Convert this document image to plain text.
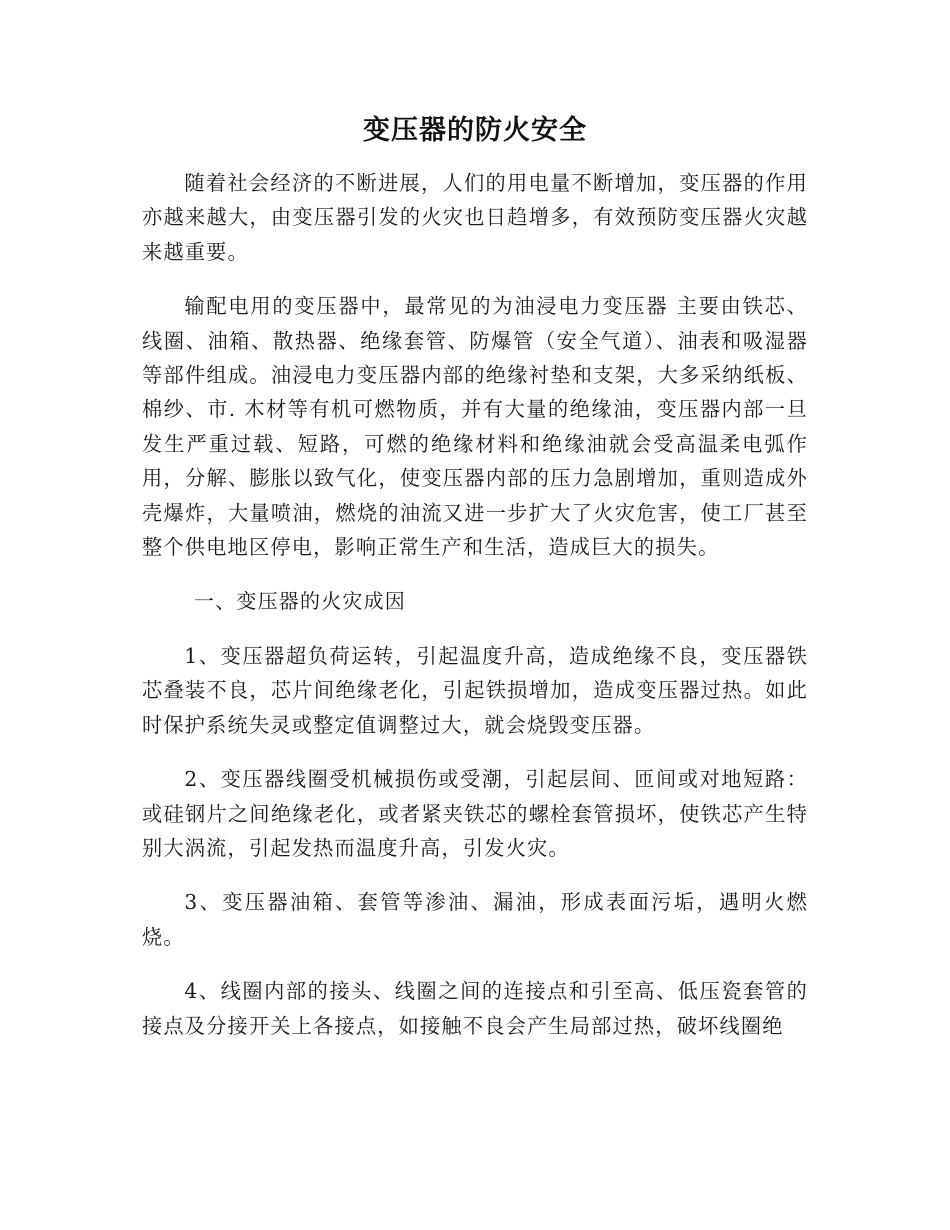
变压器的防火安全

随着社会经济的不断进展，人们的用电量不断增加，变压器的作用亦越来越大，由变压器引发的火灾也日趋增多，有效预防变压器火灾越来越重要。

输配电用的变压器中，最常见的为油浸电力变压器 主要由铁芯、线圈、油箱、散热器、绝缘套管、防爆管（安全气道）、油表和吸湿器等部件组成。油浸电力变压器内部的绝缘衬垫和支架，大多采纳纸板、棉纱、市. 木材等有机可燃物质，并有大量的绝缘油，变压器内部一旦发生严重过载、短路，可燃的绝缘材料和绝缘油就会受高温柔电弧作用，分解、膨胀以致气化，使变压器内部的压力急剧增加，重则造成外壳爆炸，大量喷油，燃烧的油流又进一步扩大了火灾危害，使工厂甚至整个供电地区停电，影响正常生产和生活，造成巨大的损失。

一、变压器的火灾成因

1、变压器超负荷运转，引起温度升高，造成绝缘不良，变压器铁芯叠装不良，芯片间绝缘老化，引起铁损增加，造成变压器过热。如此时保护系统失灵或整定值调整过大，就会烧毁变压器。

2、变压器线圈受机械损伤或受潮，引起层间、匝间或对地短路：或硅钢片之间绝缘老化，或者紧夹铁芯的螺栓套管损坏，使铁芯产生特别大涡流，引起发热而温度升高，引发火灾。

3、变压器油箱、套管等渗油、漏油，形成表面污垢，遇明火燃烧。

4、线圈内部的接头、线圈之间的连接点和引至高、低压瓷套管的接点及分接开关上各接点，如接触不良会产生局部过热，破坏线圈绝
